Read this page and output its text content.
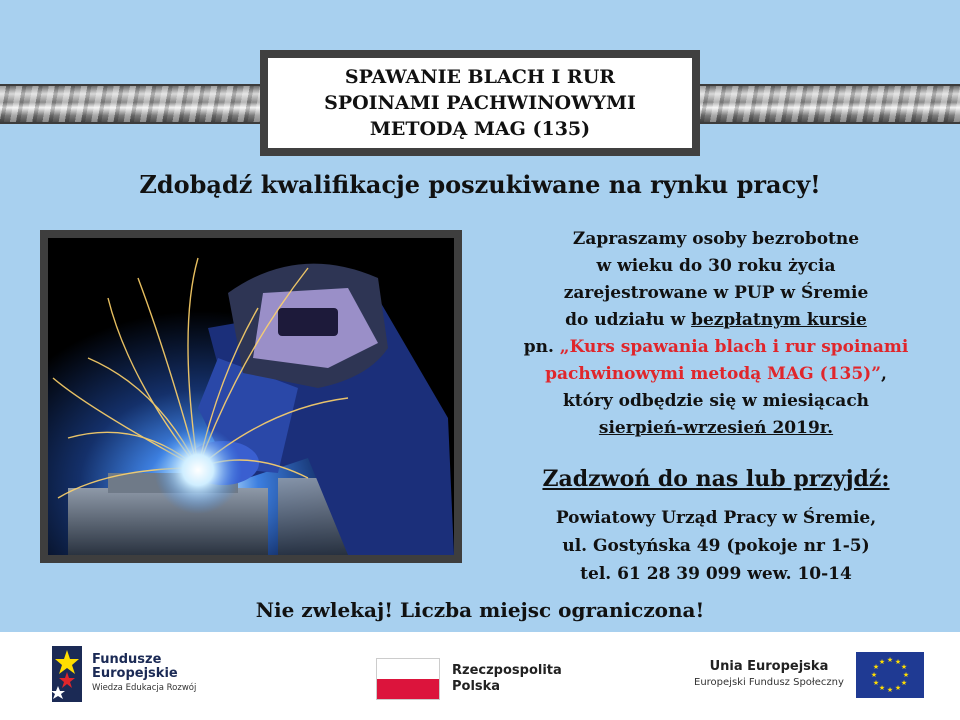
SPAWANIE BLACH I RUR
SPOINAMI PACHWINOWYMI
METODĄ MAG (135)
Zdobądź kwalifikacje poszukiwane na rynku pracy!
Zapraszamy osoby bezrobotne
w wieku do 30 roku życia
zarejestrowane w PUP w Śremie
do udziału w bezpłatnym kursie
pn. „Kurs spawania blach i rur spoinami
pachwinowymi metodą MAG (135)”,
który odbędzie się w miesiącach
sierpień-wrzesień 2019r.
Zadzwoń do nas lub przyjdź:
Powiatowy Urząd Pracy w Śremie,
ul. Gostyńska 49 (pokoje nr 1-5)
tel. 61 28 39 099 wew. 10-14
Nie zwlekaj! Liczba miejsc ograniczona!
Fundusze
Europejskie
Wiedza Edukacja Rozwój
Rzeczpospolita
Polska
Unia Europejska
Europejski Fundusz Społeczny
★ ★
★
★
★
★
★
★
★
★
★
★
